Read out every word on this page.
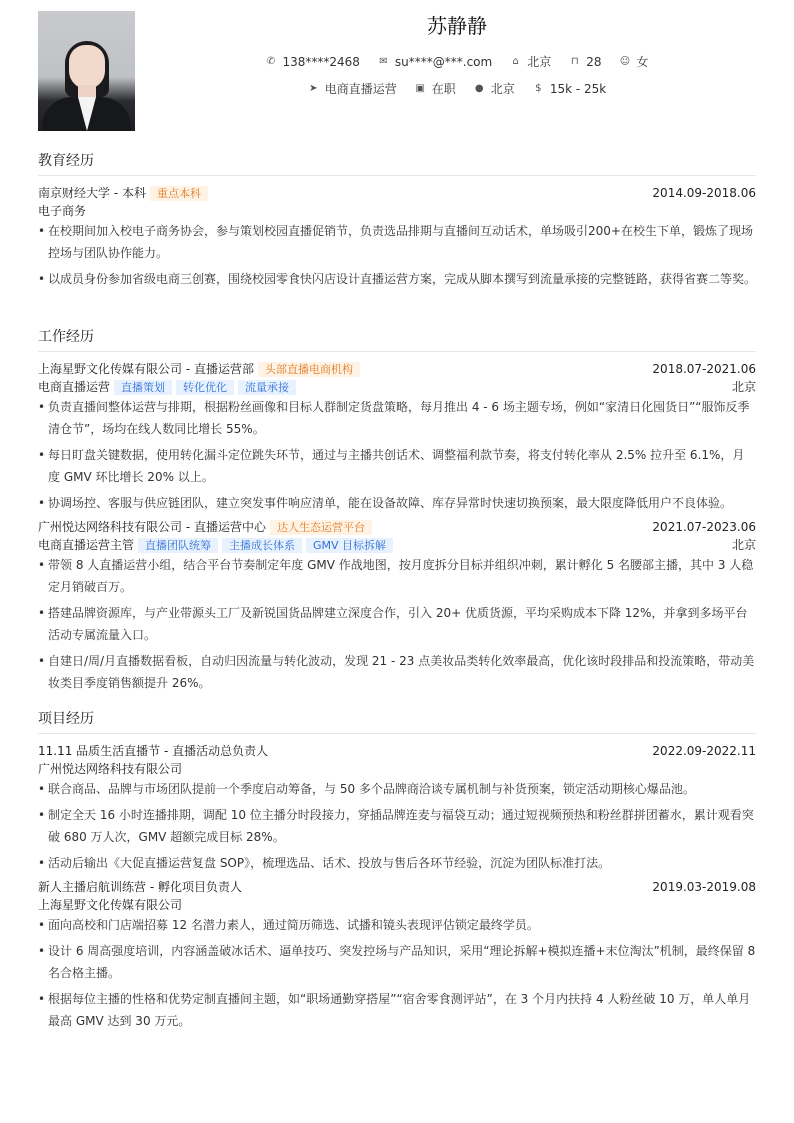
苏静静
✆ 138****2468 ✉ su****@***.com ⌂ 北京 ⊓ 28 ☺ 女
➤ 电商直播运营 ▣ 在职 ● 北京 $ 15k - 25k
教育经历
南京财经大学 - 本科 重点本科	2014.09-2018.06
电子商务
• 在校期间加入校电子商务协会，参与策划校园直播促销节，负责选品排期与直播间互动话术，单场吸引200+在校生下单，锻炼了现场控场与团队协作能力。
• 以成员身份参加省级电商三创赛，围绕校园零食快闪店设计直播运营方案，完成从脚本撰写到流量承接的完整链路，获得省赛二等奖。
工作经历
上海星野文化传媒有限公司 - 直播运营部 头部直播电商机构	2018.07-2021.06
电商直播运营 直播策划 转化优化 流量承接	北京
• 负责直播间整体运营与排期，根据粉丝画像和目标人群制定货盘策略，每月推出 4 - 6 场主题专场，例如“家清日化囤货日”“服饰反季清仓节”，场均在线人数同比增长 55%。
• 每日盯盘关键数据，使用转化漏斗定位跳失环节，通过与主播共创话术、调整福利款节奏，将支付转化率从 2.5% 拉升至 6.1%，月度 GMV 环比增长 20% 以上。
• 协调场控、客服与供应链团队，建立突发事件响应清单，能在设备故障、库存异常时快速切换预案，最大限度降低用户不良体验。
广州悦达网络科技有限公司 - 直播运营中心 达人生态运营平台	2021.07-2023.06
电商直播运营主管 直播团队统筹 主播成长体系 GMV 目标拆解	北京
• 带领 8 人直播运营小组，结合平台节奏制定年度 GMV 作战地图，按月度拆分目标并组织冲刺，累计孵化 5 名腰部主播，其中 3 人稳定月销破百万。
• 搭建品牌资源库，与产业带源头工厂及新锐国货品牌建立深度合作，引入 20+ 优质货源，平均采购成本下降 12%，并拿到多场平台活动专属流量入口。
• 自建日/周/月直播数据看板，自动归因流量与转化波动，发现 21 - 23 点美妆品类转化效率最高，优化该时段排品和投流策略，带动美妆类目季度销售额提升 26%。
项目经历
11.11 品质生活直播节 - 直播活动总负责人	2022.09-2022.11
广州悦达网络科技有限公司
• 联合商品、品牌与市场团队提前一个季度启动筹备，与 50 多个品牌商洽谈专属机制与补货预案，锁定活动期核心爆品池。
• 制定全天 16 小时连播排期，调配 10 位主播分时段接力，穿插品牌连麦与福袋互动；通过短视频预热和粉丝群拼团蓄水，累计观看突破 680 万人次，GMV 超额完成目标 28%。
• 活动后输出《大促直播运营复盘 SOP》，梳理选品、话术、投放与售后各环节经验，沉淀为团队标准打法。
新人主播启航训练营 - 孵化项目负责人	2019.03-2019.08
上海星野文化传媒有限公司
• 面向高校和门店端招募 12 名潜力素人，通过简历筛选、试播和镜头表现评估锁定最终学员。
• 设计 6 周高强度培训，内容涵盖破冰话术、逼单技巧、突发控场与产品知识，采用“理论拆解+模拟连播+末位淘汰”机制，最终保留 8 名合格主播。
• 根据每位主播的性格和优势定制直播间主题，如“职场通勤穿搭屋”“宿舍零食测评站”，在 3 个月内扶持 4 人粉丝破 10 万，单人单月最高 GMV 达到 30 万元。
